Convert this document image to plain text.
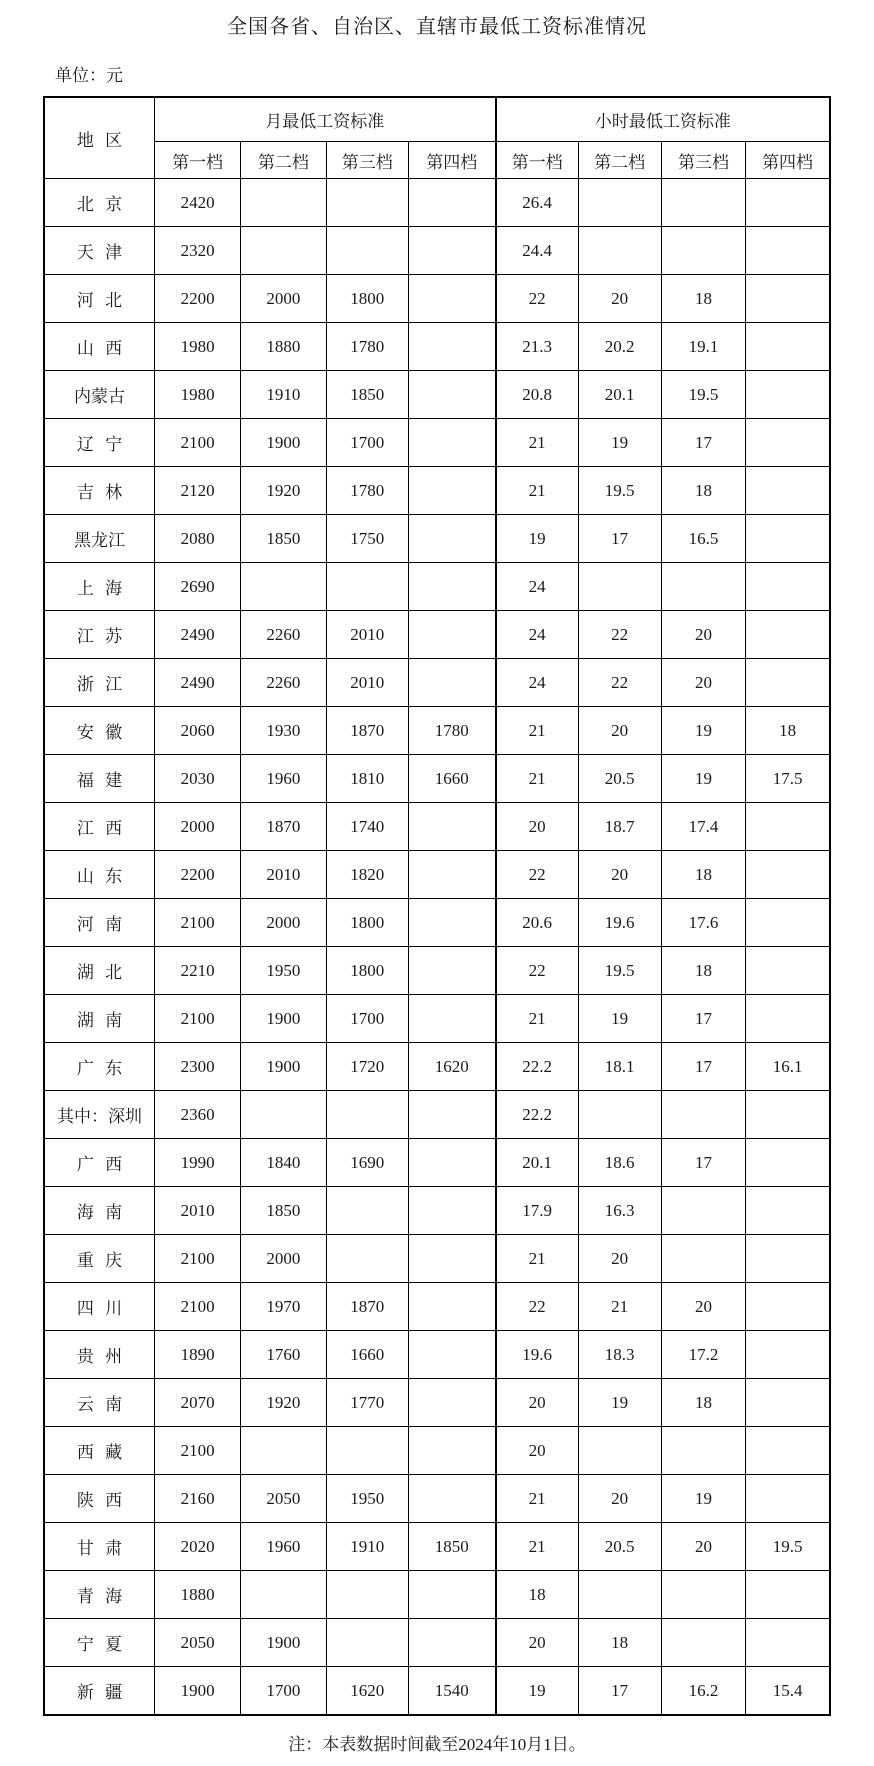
全国各省、自治区、直辖市最低工资标准情况
单位：元
地 区	月最低工资标准				小时最低工资标准			
	第一档	第二档	第三档	第四档	第一档	第二档	第三档	第四档
北 京	2420				26.4			
天 津	2320				24.4			
河 北	2200	2000	1800		22	20	18	
山 西	1980	1880	1780		21.3	20.2	19.1	
内蒙古	1980	1910	1850		20.8	20.1	19.5	
辽 宁	2100	1900	1700		21	19	17	
吉 林	2120	1920	1780		21	19.5	18	
黑龙江	2080	1850	1750		19	17	16.5	
上 海	2690				24			
江 苏	2490	2260	2010		24	22	20	
浙 江	2490	2260	2010		24	22	20	
安 徽	2060	1930	1870	1780	21	20	19	18
福 建	2030	1960	1810	1660	21	20.5	19	17.5
江 西	2000	1870	1740		20	18.7	17.4	
山 东	2200	2010	1820		22	20	18	
河 南	2100	2000	1800		20.6	19.6	17.6	
湖 北	2210	1950	1800		22	19.5	18	
湖 南	2100	1900	1700		21	19	17	
广 东	2300	1900	1720	1620	22.2	18.1	17	16.1
其中：深圳	2360				22.2			
广 西	1990	1840	1690		20.1	18.6	17	
海 南	2010	1850			17.9	16.3		
重 庆	2100	2000			21	20		
四 川	2100	1970	1870		22	21	20	
贵 州	1890	1760	1660		19.6	18.3	17.2	
云 南	2070	1920	1770		20	19	18	
西 藏	2100				20			
陕 西	2160	2050	1950		21	20	19	
甘 肃	2020	1960	1910	1850	21	20.5	20	19.5
青 海	1880				18			
宁 夏	2050	1900			20	18		
新 疆	1900	1700	1620	1540	19	17	16.2	15.4
注：本表数据时间截至2024年10月1日。
